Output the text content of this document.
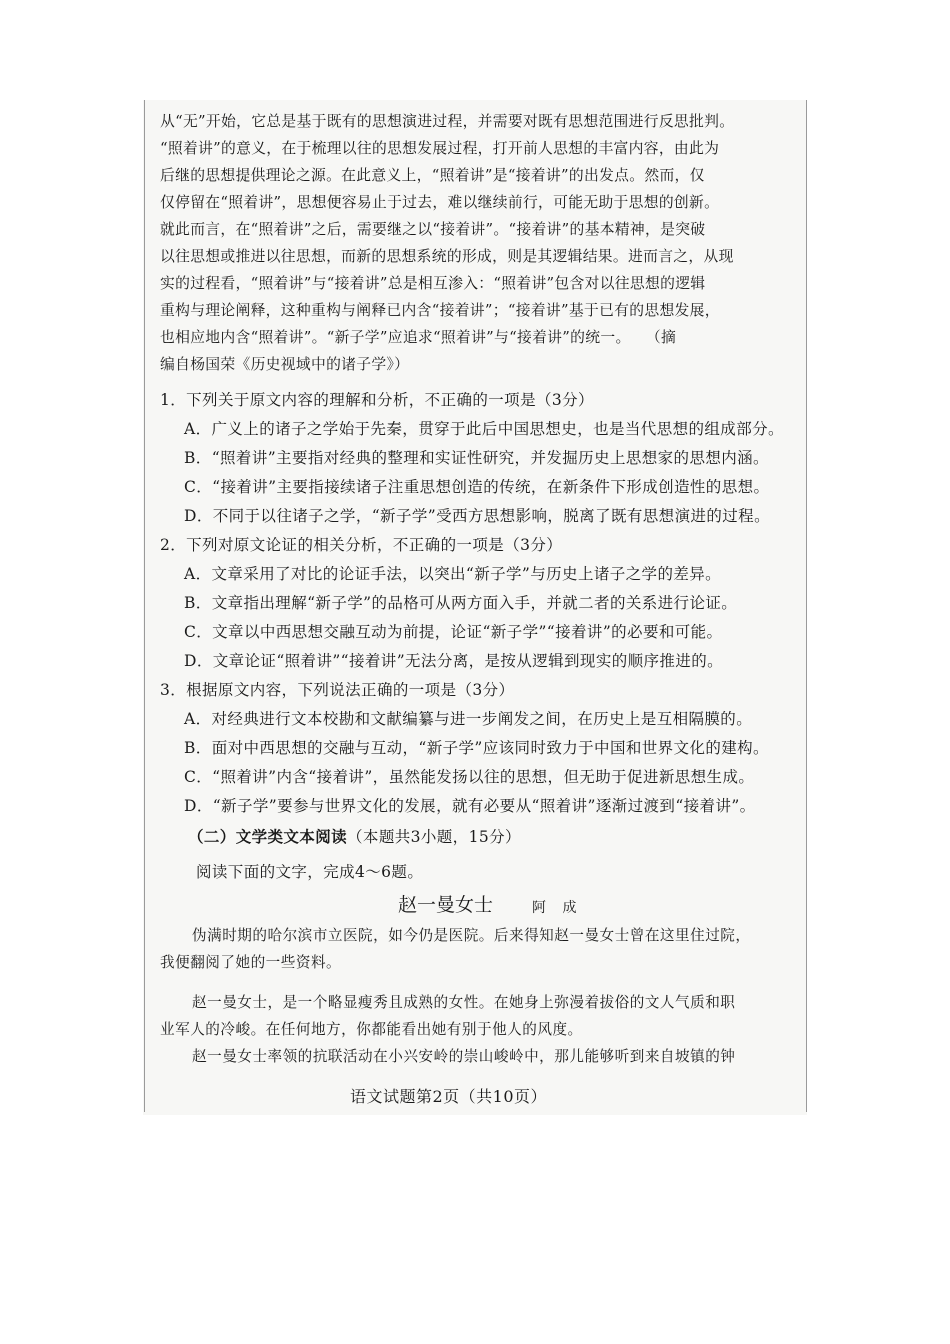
从“无”开始，它总是基于既有的思想演进过程，并需要对既有思想范围进行反思批判。
“照着讲”的意义，在于梳理以往的思想发展过程，打开前人思想的丰富内容，由此为
后继的思想提供理论之源。在此意义上，“照着讲”是“接着讲”的出发点。然而，仅
仅停留在“照着讲”，思想便容易止于过去，难以继续前行，可能无助于思想的创新。
就此而言，在“照着讲”之后，需要继之以“接着讲”。“接着讲”的基本精神，是突破
以往思想或推进以往思想，而新的思想系统的形成，则是其逻辑结果。进而言之，从现
实的过程看，“照着讲”与“接着讲”总是相互渗入：“照着讲”包含对以往思想的逻辑
重构与理论阐释，这种重构与阐释已内含“接着讲”；“接着讲”基于已有的思想发展，
也相应地内含“照着讲”。“新子学”应追求“照着讲”与“接着讲”的统一。　　（摘
编自杨国荣《历史视域中的诸子学》）
1．下列关于原文内容的理解和分析，不正确的一项是（3分）
A．广义上的诸子之学始于先秦，贯穿于此后中国思想史，也是当代思想的组成部分。
B．“照着讲”主要指对经典的整理和实证性研究，并发掘历史上思想家的思想内涵。
C．“接着讲”主要指接续诸子注重思想创造的传统，在新条件下形成创造性的思想。
D．不同于以往诸子之学，“新子学”受西方思想影响，脱离了既有思想演进的过程。
2．下列对原文论证的相关分析，不正确的一项是（3分）
A．文章采用了对比的论证手法，以突出“新子学”与历史上诸子之学的差异。
B．文章指出理解“新子学”的品格可从两方面入手，并就二者的关系进行论证。
C．文章以中西思想交融互动为前提，论证“新子学”“接着讲”的必要和可能。
D．文章论证“照着讲”“接着讲”无法分离，是按从逻辑到现实的顺序推进的。
3．根据原文内容，下列说法正确的一项是（3分）
A．对经典进行文本校勘和文献编纂与进一步阐发之间，在历史上是互相隔膜的。
B．面对中西思想的交融与互动，“新子学”应该同时致力于中国和世界文化的建构。
C．“照着讲”内含“接着讲”，虽然能发扬以往的思想，但无助于促进新思想生成。
D．“新子学”要参与世界文化的发展，就有必要从“照着讲”逐渐过渡到“接着讲”。
（二）文学类文本阅读（本题共3小题，15分）
阅读下面的文字，完成4～6题。
赵一曼女士	阿 成
伪满时期的哈尔滨市立医院，如今仍是医院。后来得知赵一曼女士曾在这里住过院，
我便翻阅了她的一些资料。
赵一曼女士，是一个略显瘦秀且成熟的女性。在她身上弥漫着拔俗的文人气质和职
业军人的冷峻。在任何地方，你都能看出她有别于他人的风度。
赵一曼女士率领的抗联活动在小兴安岭的崇山峻岭中，那儿能够听到来自坡镇的钟
语文试题第2页（共10页）
